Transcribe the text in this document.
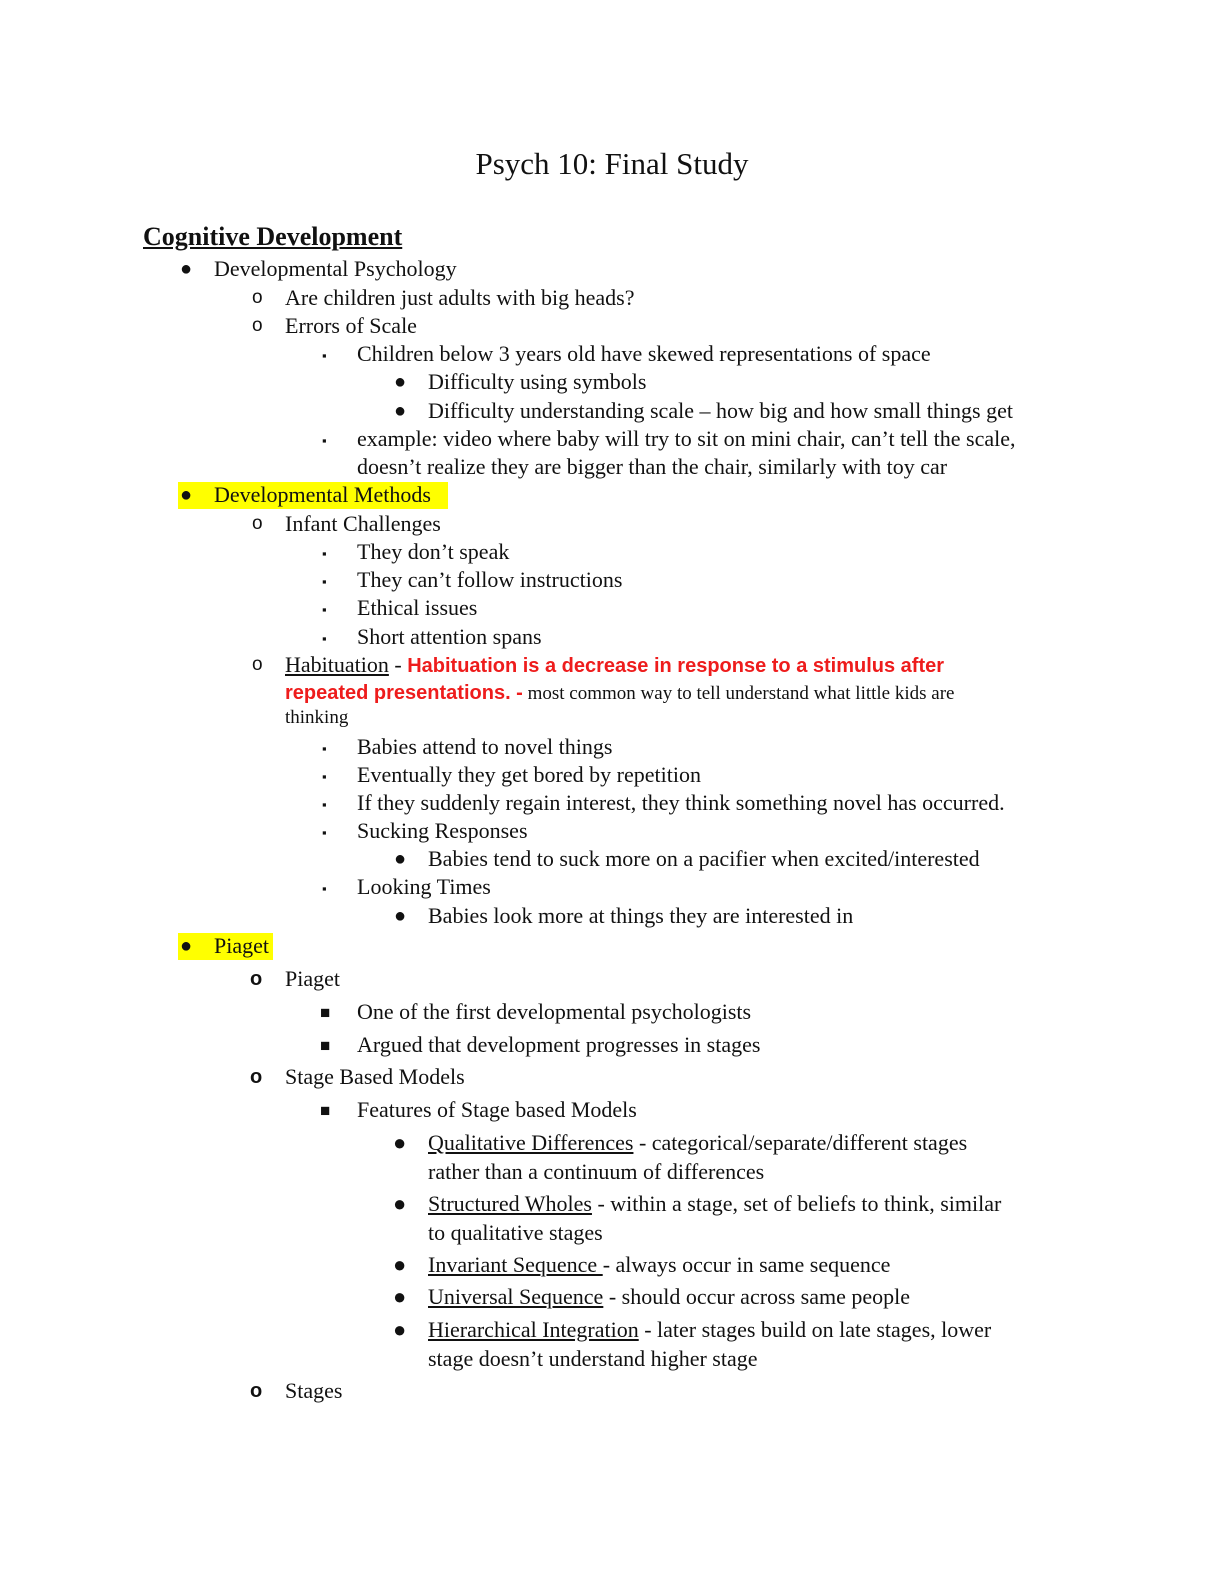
Psych 10: Final Study
Cognitive Development
● Developmental Psychology
o Are children just adults with big heads?
o Errors of Scale
▪ Children below 3 years old have skewed representations of space
● Difficulty using symbols
● Difficulty understanding scale – how big and how small things get
▪ example: video where baby will try to sit on mini chair, can’t tell the scale,
doesn’t realize they are bigger than the chair, similarly with toy car
● Developmental Methods
o Infant Challenges
▪ They don’t speak
▪ They can’t follow instructions
▪ Ethical issues
▪ Short attention spans
o Habituation - Habituation is a decrease in response to a stimulus after
repeated presentations. - most common way to tell understand what little kids are
thinking
▪ Babies attend to novel things
▪ Eventually they get bored by repetition
▪ If they suddenly regain interest, they think something novel has occurred.
▪ Sucking Responses
● Babies tend to suck more on a pacifier when excited/interested
▪ Looking Times
● Babies look more at things they are interested in
● Piaget
o Piaget
■ One of the first developmental psychologists
■ Argued that development progresses in stages
o Stage Based Models
■ Features of Stage based Models
● Qualitative Differences - categorical/separate/different stages
rather than a continuum of differences
● Structured Wholes - within a stage, set of beliefs to think, similar
to qualitative stages
● Invariant Sequence - always occur in same sequence
● Universal Sequence - should occur across same people
● Hierarchical Integration - later stages build on late stages, lower
stage doesn’t understand higher stage
o Stages
